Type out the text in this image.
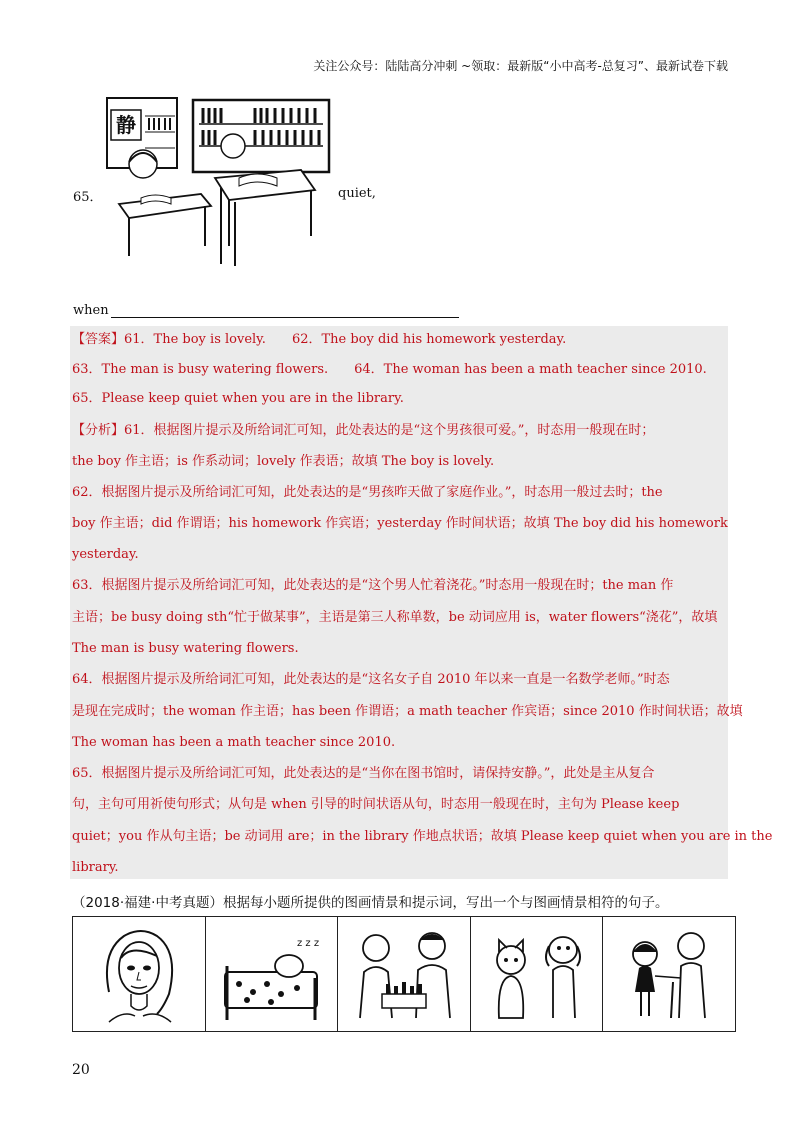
关注公众号：陆陆高分冲刺 ~领取：最新版“小中高考-总复习”、最新试卷下载
65．
静
quiet,
when
【答案】61．The boy is lovely. 62．The boy did his homework yesterday.
63．The man is busy watering flowers. 64．The woman has been a math teacher since 2010.
65．Please keep quiet when you are in the library.
【分析】61．根据图片提示及所给词汇可知，此处表达的是“这个男孩很可爱。”，时态用一般现在时；
the boy 作主语；is 作系动词；lovely 作表语；故填 The boy is lovely.
62．根据图片提示及所给词汇可知，此处表达的是“男孩昨天做了家庭作业。”，时态用一般过去时；the
boy 作主语；did 作谓语；his homework 作宾语；yesterday 作时间状语；故填 The boy did his homework
yesterday.
63．根据图片提示及所给词汇可知，此处表达的是“这个男人忙着浇花。”时态用一般现在时；the man 作
主语；be busy doing sth“忙于做某事”，主语是第三人称单数，be 动词应用 is，water flowers“浇花”，故填
The man is busy watering flowers.
64．根据图片提示及所给词汇可知，此处表达的是“这名女子自 2010 年以来一直是一名数学老师。”时态
是现在完成时；the woman 作主语；has been 作谓语；a math teacher 作宾语；since 2010 作时间状语；故填
The woman has been a math teacher since 2010.
65．根据图片提示及所给词汇可知，此处表达的是“当你在图书馆时，请保持安静。”，此处是主从复合
句，主句可用祈使句形式；从句是 when 引导的时间状语从句，时态用一般现在时，主句为 Please keep
quiet；you 作从句主语；be 动词用 are；in the library 作地点状语；故填 Please keep quiet when you are in the
library.
（2018·福建·中考真题）根据每小题所提供的图画情景和提示词，写出一个与图画情景相符的句子。
z z z
20
